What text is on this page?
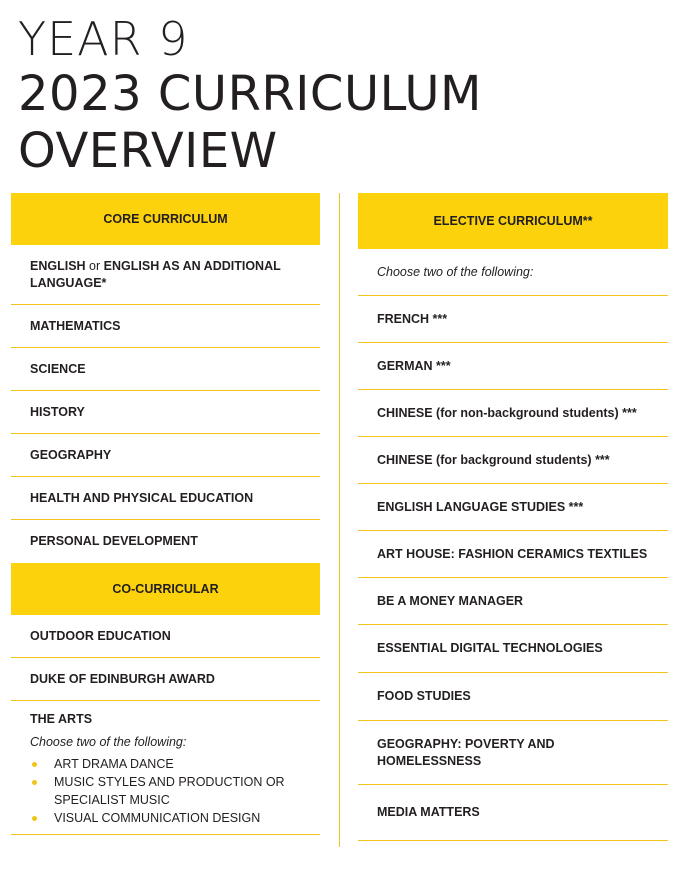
YEAR 9
2023 CURRICULUM
OVERVIEW
CORE CURRICULUM
ENGLISH or ENGLISH AS AN ADDITIONAL LANGUAGE*
MATHEMATICS
SCIENCE
HISTORY
GEOGRAPHY
HEALTH AND PHYSICAL EDUCATION
PERSONAL DEVELOPMENT
CO-CURRICULAR
OUTDOOR EDUCATION
DUKE OF EDINBURGH AWARD
THE ARTS
Choose two of the following:
ART DRAMA DANCE
MUSIC STYLES AND PRODUCTION OR SPECIALIST MUSIC
VISUAL COMMUNICATION DESIGN
ELECTIVE CURRICULUM**
Choose two of the following:
FRENCH ***
GERMAN ***
CHINESE (for non-background students) ***
CHINESE (for background students) ***
ENGLISH LANGUAGE STUDIES ***
ART HOUSE: FASHION CERAMICS TEXTILES
BE A MONEY MANAGER
ESSENTIAL DIGITAL TECHNOLOGIES
FOOD STUDIES
GEOGRAPHY: POVERTY AND HOMELESSNESS
MEDIA MATTERS
